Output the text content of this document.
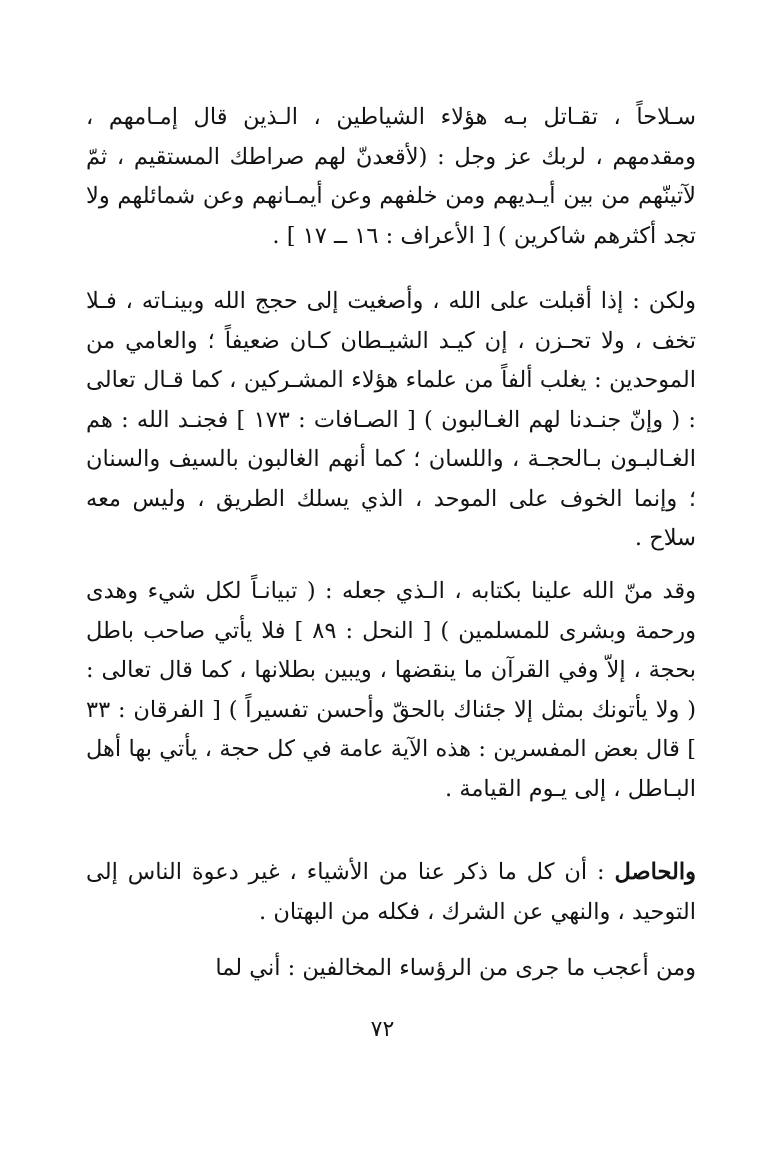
سـلاحاً ، تقـاتل بـه هؤلاء الشياطين ، الـذين قال إمـامهم ، ومقدمهم ، لربك عز وجل : (لأقعدنّ لهم صراطك المستقيم ، ثمّ لآتينّهم من بين أيـديهم ومن خلفهم وعن أيمـانهم وعن شمائلهم ولا تجد أكثرهم شاكرين ) [ الأعراف : ١٦ ــ ١٧ ] .

ولكن : إذا أقبلت على الله ، وأصغيت إلى حجج الله وبينـاته ، فـلا تخف ، ولا تحـزن ، إن كيـد الشيـطان كـان ضعيفاً ؛ والعامي من الموحدين : يغلب ألفاً من علماء هؤلاء المشـركين ، كما قـال تعالى : ( وإنّ جنـدنا لهم الغـالبون ) [ الصـافات : ١٧٣ ] فجنـد الله : هم الغـالبـون بـالحجـة ، واللسان ؛ كما أنهم الغالبون بالسيف والسنان ؛ وإنما الخوف على الموحد ، الذي يسلك الطريق ، وليس معه سلاح .

وقد منّ الله علينا بكتابه ، الـذي جعله : ( تبيانـاً لكل شيء وهدى ورحمة وبشرى للمسلمين ) [ النحل : ٨٩ ] فلا يأتي صاحب باطل بحجة ، إلاّ وفي القرآن ما ينقضها ، ويبين بطلانها ، كما قال تعالى : ( ولا يأتونك بمثل إلا جئناك بالحقّ وأحسن تفسيراً ) [ الفرقان : ٣٣ ] قال بعض المفسرين : هذه الآية عامة في كل حجة ، يأتي بها أهل البـاطل ، إلى يـوم القيامة .

والحاصل : أن كل ما ذكر عنا من الأشياء ، غير دعوة الناس إلى التوحيد ، والنهي عن الشرك ، فكله من البهتان .

ومن أعجب ما جرى من الرؤساء المخالفين : أني لما

٧٢
